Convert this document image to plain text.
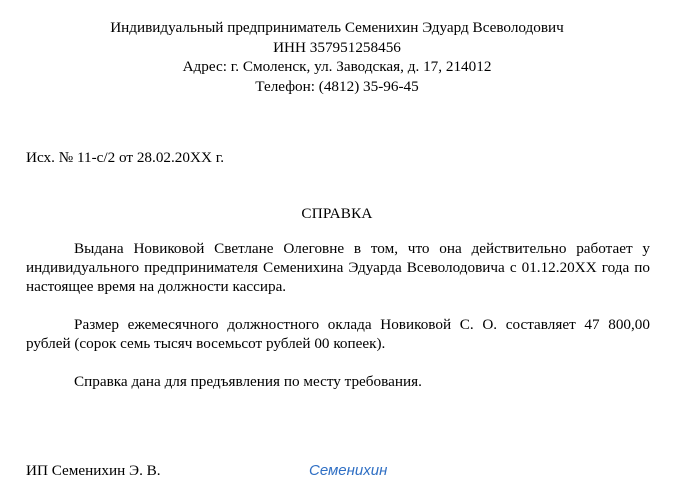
Индивидуальный предприниматель Семенихин Эдуард Всеволодович
ИНН 357951258456
Адрес: г. Смоленск, ул. Заводская, д. 17, 214012
Телефон: (4812) 35-96-45
Исх. № 11-с/2 от 28.02.20ХХ г.
СПРАВКА

Выдана Новиковой Светлане Олеговне в том, что она действительно работает у индивидуального предпринимателя Семенихина Эдуарда Всеволодовича с 01.12.20ХХ года по настоящее время на должности кассира.

Размер ежемесячного должностного оклада Новиковой С. О. составляет 47 800,00 рублей (сорок семь тысяч восемьсот рублей 00 копеек).

Справка дана для предъявления по месту требования.

ИП Семенихин Э. В.	Семенихин
